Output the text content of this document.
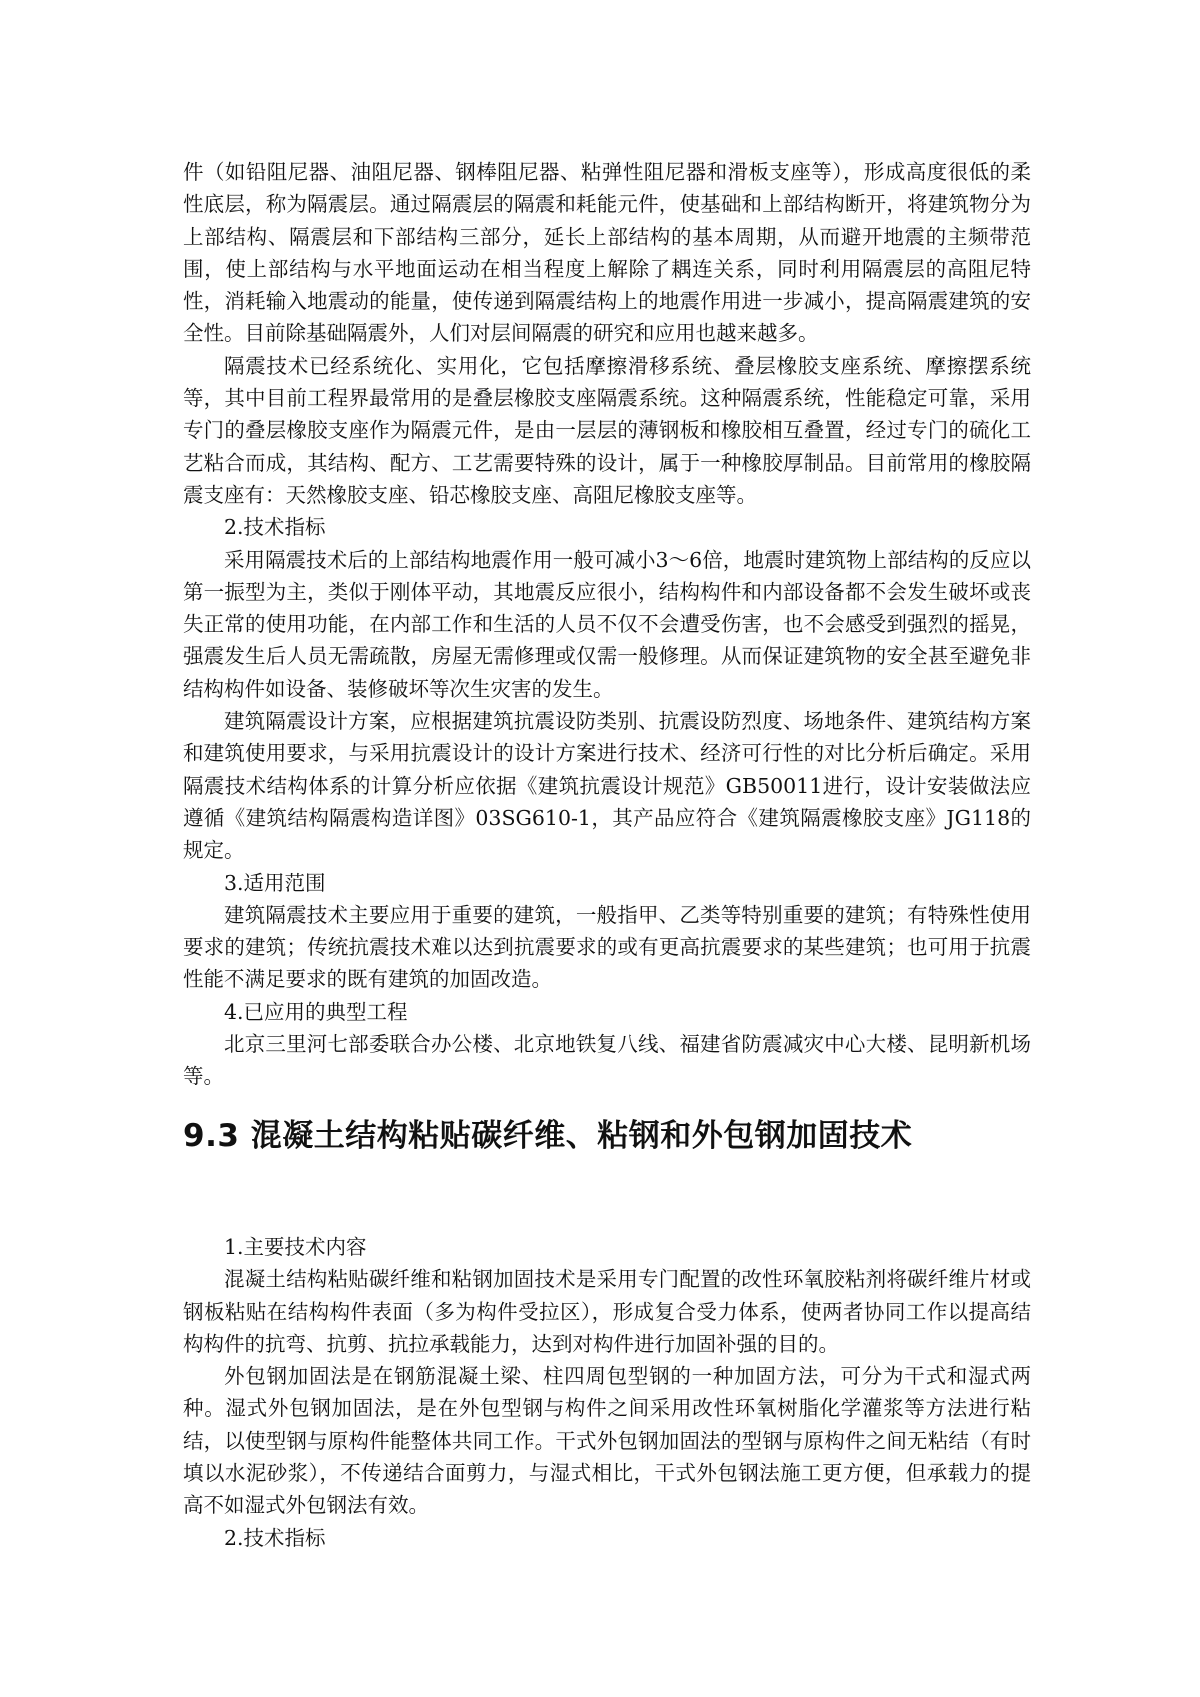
件（如铅阻尼器、油阻尼器、钢棒阻尼器、粘弹性阻尼器和滑板支座等），形成高度很低的柔性底层，称为隔震层。通过隔震层的隔震和耗能元件，使基础和上部结构断开，将建筑物分为上部结构、隔震层和下部结构三部分，延长上部结构的基本周期，从而避开地震的主频带范围，使上部结构与水平地面运动在相当程度上解除了耦连关系，同时利用隔震层的高阻尼特性，消耗输入地震动的能量，使传递到隔震结构上的地震作用进一步减小，提高隔震建筑的安全性。目前除基础隔震外，人们对层间隔震的研究和应用也越来越多。

隔震技术已经系统化、实用化，它包括摩擦滑移系统、叠层橡胶支座系统、摩擦摆系统等，其中目前工程界最常用的是叠层橡胶支座隔震系统。这种隔震系统，性能稳定可靠，采用专门的叠层橡胶支座作为隔震元件，是由一层层的薄钢板和橡胶相互叠置，经过专门的硫化工艺粘合而成，其结构、配方、工艺需要特殊的设计，属于一种橡胶厚制品。目前常用的橡胶隔震支座有：天然橡胶支座、铅芯橡胶支座、高阻尼橡胶支座等。

2.技术指标

采用隔震技术后的上部结构地震作用一般可减小3～6倍，地震时建筑物上部结构的反应以第一振型为主，类似于刚体平动，其地震反应很小，结构构件和内部设备都不会发生破坏或丧失正常的使用功能，在内部工作和生活的人员不仅不会遭受伤害，也不会感受到强烈的摇晃，强震发生后人员无需疏散，房屋无需修理或仅需一般修理。从而保证建筑物的安全甚至避免非结构构件如设备、装修破坏等次生灾害的发生。

建筑隔震设计方案，应根据建筑抗震设防类别、抗震设防烈度、场地条件、建筑结构方案和建筑使用要求，与采用抗震设计的设计方案进行技术、经济可行性的对比分析后确定。采用隔震技术结构体系的计算分析应依据《建筑抗震设计规范》GB50011进行，设计安装做法应遵循《建筑结构隔震构造详图》03SG610-1，其产品应符合《建筑隔震橡胶支座》JG118的规定。

3.适用范围

建筑隔震技术主要应用于重要的建筑，一般指甲、乙类等特别重要的建筑；有特殊性使用要求的建筑；传统抗震技术难以达到抗震要求的或有更高抗震要求的某些建筑；也可用于抗震性能不满足要求的既有建筑的加固改造。

4.已应用的典型工程

北京三里河七部委联合办公楼、北京地铁复八线、福建省防震减灾中心大楼、昆明新机场等。

9.3 混凝土结构粘贴碳纤维、粘钢和外包钢加固技术

1.主要技术内容

混凝土结构粘贴碳纤维和粘钢加固技术是采用专门配置的改性环氧胶粘剂将碳纤维片材或钢板粘贴在结构构件表面（多为构件受拉区），形成复合受力体系，使两者协同工作以提高结构构件的抗弯、抗剪、抗拉承载能力，达到对构件进行加固补强的目的。

外包钢加固法是在钢筋混凝土梁、柱四周包型钢的一种加固方法，可分为干式和湿式两种。湿式外包钢加固法，是在外包型钢与构件之间采用改性环氧树脂化学灌浆等方法进行粘结，以使型钢与原构件能整体共同工作。干式外包钢加固法的型钢与原构件之间无粘结（有时填以水泥砂浆），不传递结合面剪力，与湿式相比，干式外包钢法施工更方便，但承载力的提高不如湿式外包钢法有效。

2.技术指标
